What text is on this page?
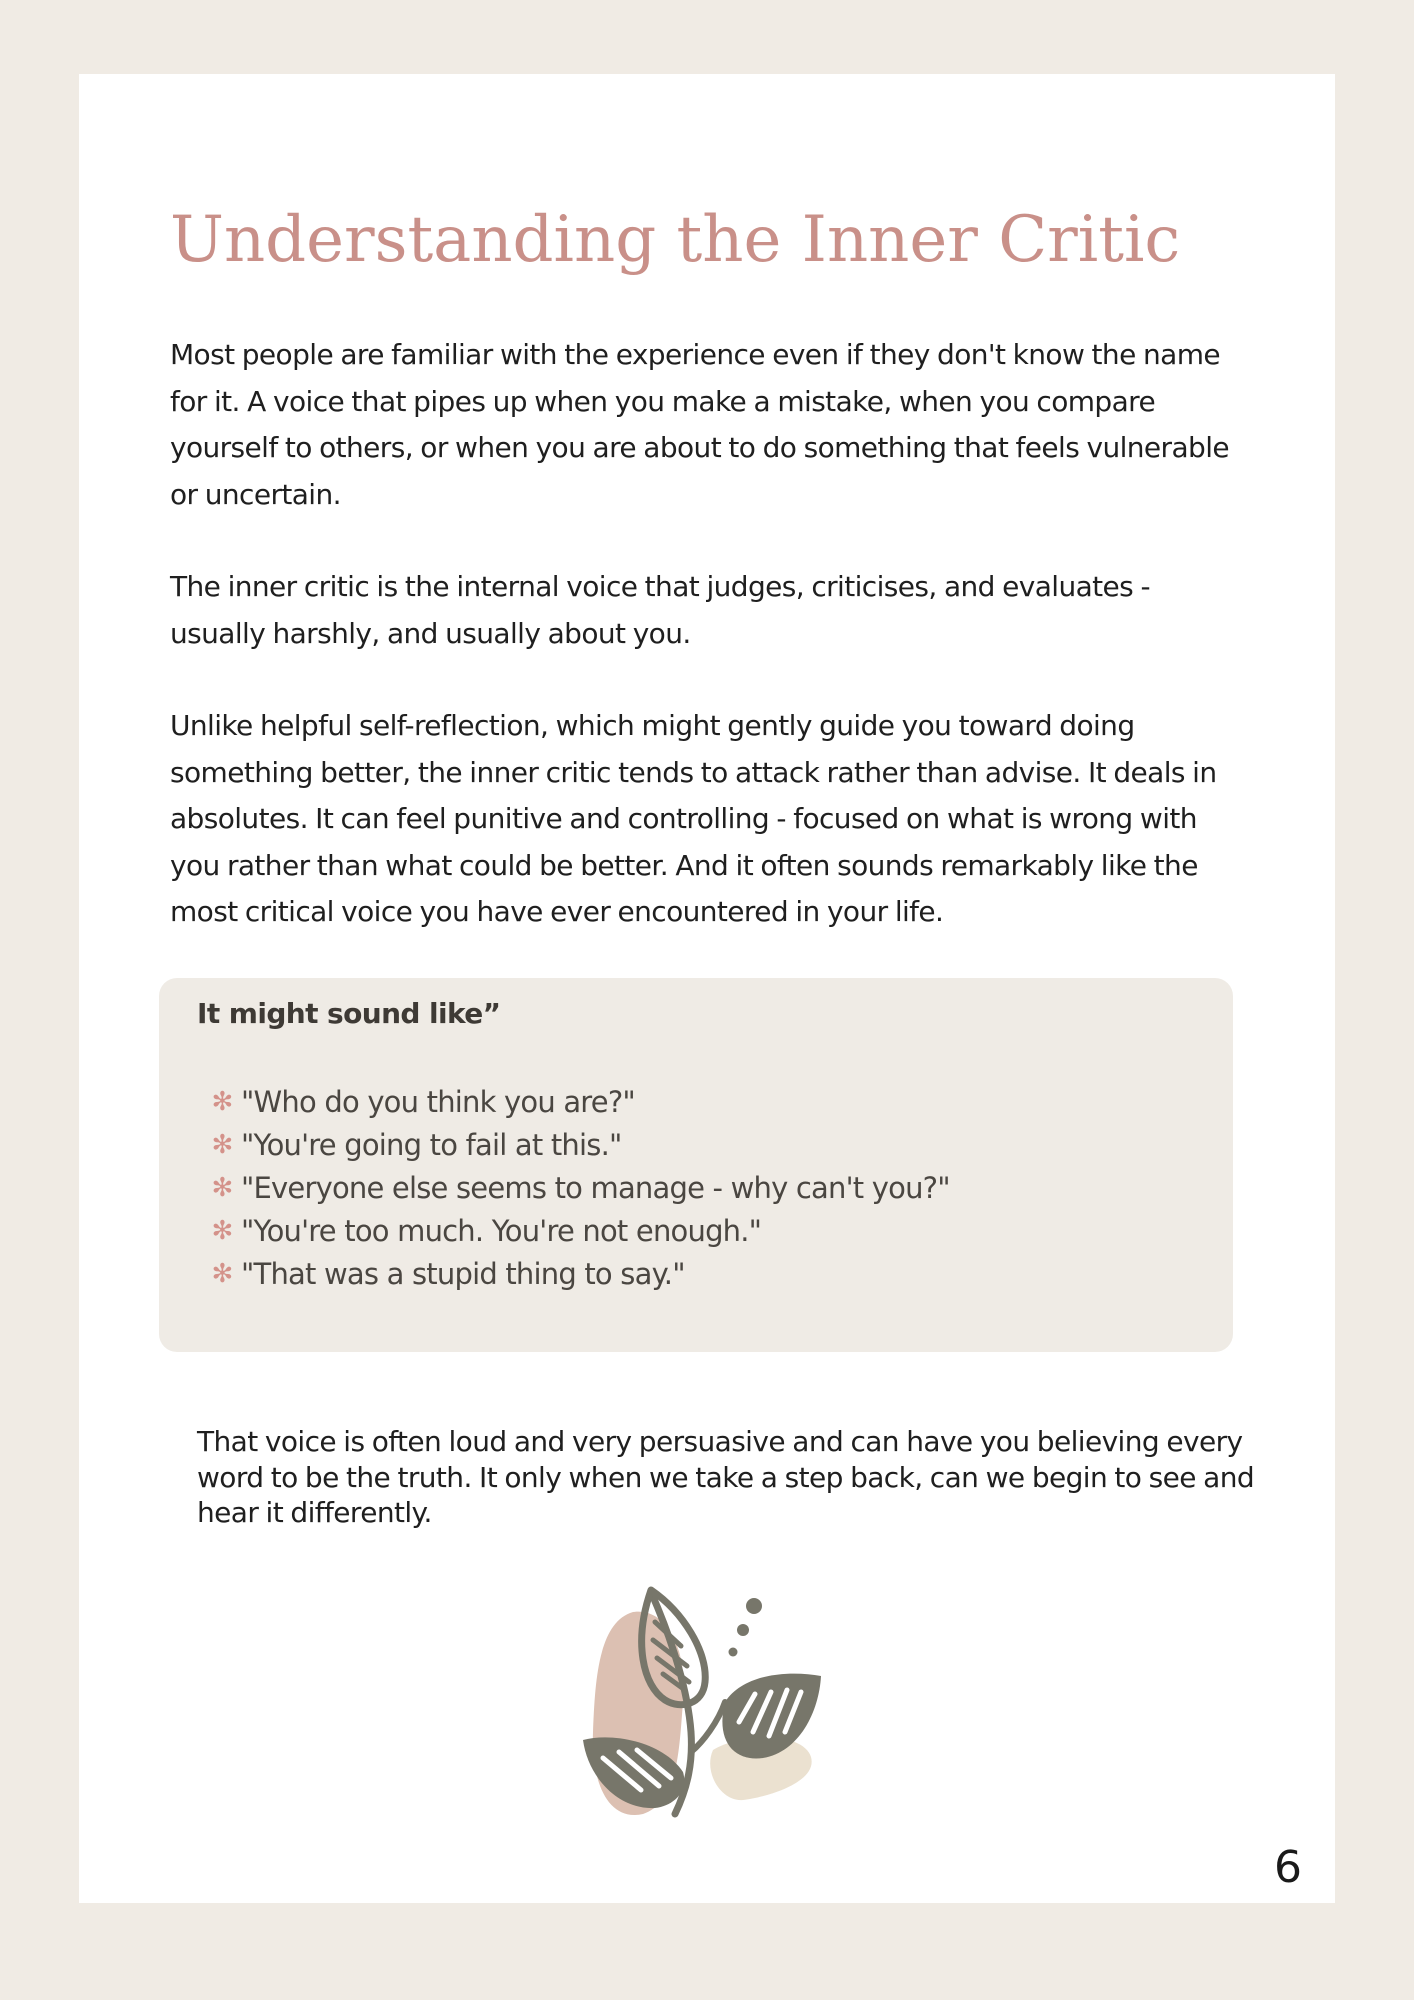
Understanding the Inner Critic

Most people are familiar with the experience even if they don't know the name for it. A voice that pipes up when you make a mistake, when you compare yourself to others, or when you are about to do something that feels vulnerable or uncertain.

The inner critic is the internal voice that judges, criticises, and evaluates - usually harshly, and usually about you.

Unlike helpful self-reflection, which might gently guide you toward doing something better, the inner critic tends to attack rather than advise. It deals in absolutes. It can feel punitive and controlling - focused on what is wrong with you rather than what could be better. And it often sounds remarkably like the most critical voice you have ever encountered in your life.

It might sound like”
✻ "Who do you think you are?"
✻ "You're going to fail at this."
✻ "Everyone else seems to manage - why can't you?"
✻ "You're too much. You're not enough."
✻ "That was a stupid thing to say."

That voice is often loud and very persuasive and can have you believing every word to be the truth. It only when we take a step back, can we begin to see and hear it differently.

6
